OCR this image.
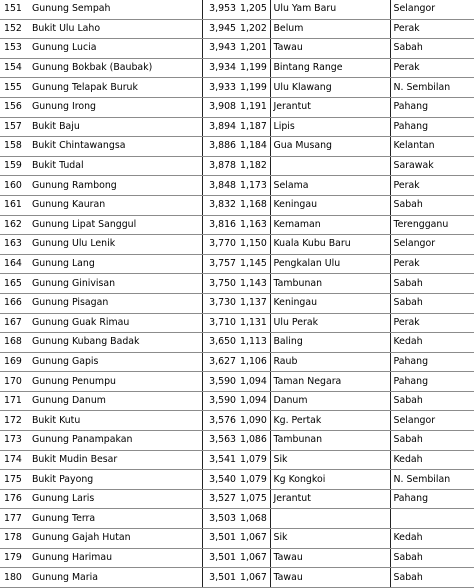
151	Gunung Sempah	3,953	1,205	Ulu Yam Baru	Selangor
152	Bukit Ulu Laho	3,945	1,202	Belum	Perak
153	Gunung Lucia	3,943	1,201	Tawau	Sabah
154	Gunung Bokbak (Baubak)	3,934	1,199	Bintang Range	Perak
155	Gunung Telapak Buruk	3,933	1,199	Ulu Klawang	N. Sembilan
156	Gunung Irong	3,908	1,191	Jerantut	Pahang
157	Bukit Baju	3,894	1,187	Lipis	Pahang
158	Bukit Chintawangsa	3,886	1,184	Gua Musang	Kelantan
159	Bukit Tudal	3,878	1,182		Sarawak
160	Gunung Rambong	3,848	1,173	Selama	Perak
161	Gunung Kauran	3,832	1,168	Keningau	Sabah
162	Gunung Lipat Sanggul	3,816	1,163	Kemaman	Terengganu
163	Gunung Ulu Lenik	3,770	1,150	Kuala Kubu Baru	Selangor
164	Gunung Lang	3,757	1,145	Pengkalan Ulu	Perak
165	Gunung Ginivisan	3,750	1,143	Tambunan	Sabah
166	Gunung Pisagan	3,730	1,137	Keningau	Sabah
167	Gunung Guak Rimau	3,710	1,131	Ulu Perak	Perak
168	Gunung Kubang Badak	3,650	1,113	Baling	Kedah
169	Gunung Gapis	3,627	1,106	Raub	Pahang
170	Gunung Penumpu	3,590	1,094	Taman Negara	Pahang
171	Gunung Danum	3,590	1,094	Danum	Sabah
172	Bukit Kutu	3,576	1,090	Kg. Pertak	Selangor
173	Gunung Panampakan	3,563	1,086	Tambunan	Sabah
174	Bukit Mudin Besar	3,541	1,079	Sik	Kedah
175	Bukit Payong	3,540	1,079	Kg Kongkoi	N. Sembilan
176	Gunung Laris	3,527	1,075	Jerantut	Pahang
177	Gunung Terra	3,503	1,068		
178	Gunung Gajah Hutan	3,501	1,067	Sik	Kedah
179	Gunung Harimau	3,501	1,067	Tawau	Sabah
180	Gunung Maria	3,501	1,067	Tawau	Sabah
